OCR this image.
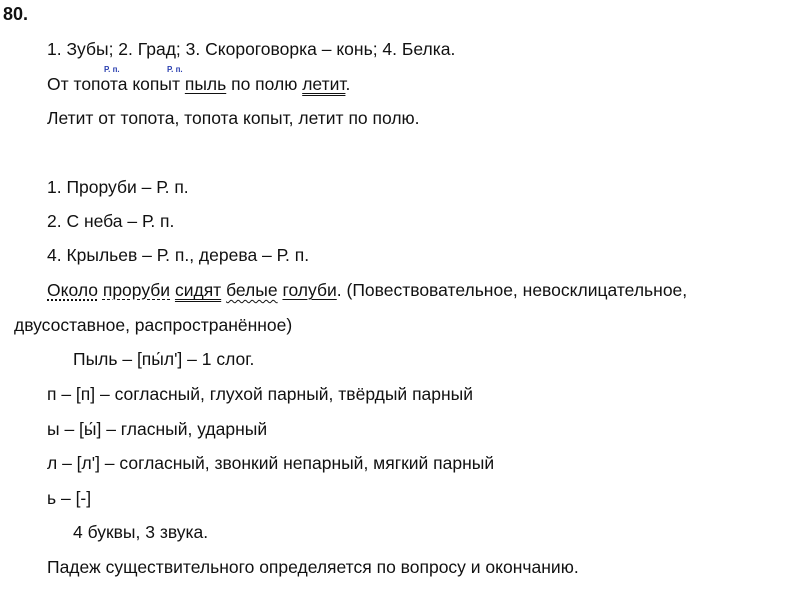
80.
1. Зубы; 2. Град; 3. Скороговорка – конь; 4. Белка.
Р. п.	Р. п.
От топота копыт пыль по полю летит.
Летит от топота, топота копыт, летит по полю.
1. Проруби – Р. п.
2. С неба – Р. п.
4. Крыльев – Р. п., дерева – Р. п.
Около проруби сидят белые голуби. (Повествовательное, невосклицательное,
двусоставное, распространённое)
Пыль – [пы́л'] – 1 слог.
п – [п] – согласный, глухой парный, твёрдый парный
ы – [ы́] – гласный, ударный
л – [л'] – согласный, звонкий непарный, мягкий парный
ь – [-]
4 буквы, 3 звука.
Падеж существительного определяется по вопросу и окончанию.
